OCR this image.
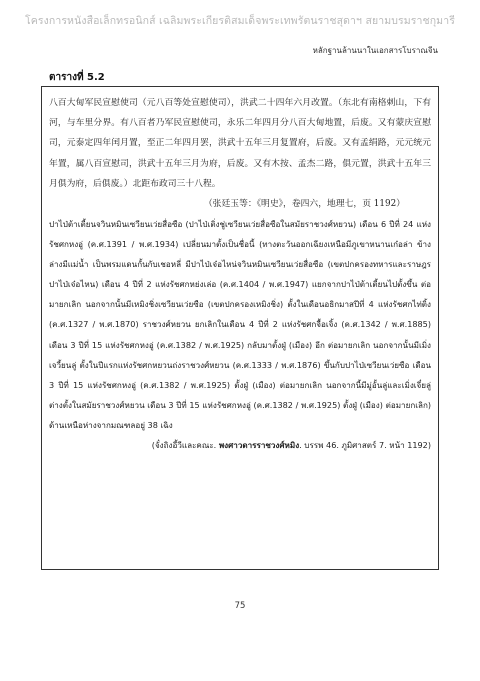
โครงการหนังสือเล็กทรอนิกส์ เฉลิมพระเกียรติสมเด็จพระเทพรัตนราชสุดาฯ สยามบรมราชกุมารี
หลักฐานล้านนาในเอกสารโบราณจีน
ตารางที่ 5.2

八百大甸军民宣慰使司（元八百等处宣慰使司），洪武二十四年六月改置。（东北有南格剌山，下有河，与车里分界。有八百者乃军民宣慰使司，永乐二年四月分八百大甸地置，后废。又有蒙庆宣慰司，元泰定四年闰月置，至正二年四月罢，洪武十五年三月复置府，后废。又有孟绢路，元元统元年置，属八百宣慰司，洪武十五年三月为府，后废。又有木按、孟杰二路，俱元置，洪武十五年三月俱为府，后俱废。）北距布政司三十八程。

（张廷玉等：《明史》，卷四六，地理七，页 1192）

ปาไป่ต้าเตี้ยนจวินหมินเซวียนเว่ยสื่อซือ (ปาไป่เติ่งชู่เซวียนเว่ยสื่อซือในสมัยราชวงศ์หยวน) เดือน 6 ปีที่ 24 แห่งรัชศกหงอู่ (ค.ศ.1391 / พ.ศ.1934) เปลี่ยนมาตั้งเป็นชื่อนี้ (ทางตะวันออกเฉียงเหนือมีภูเขาหนานเก๋อล่า ข้างล่างมีแม่น้ำ เป็นพรมแดนกั้นกับเชอหลี่ มีปาไป่เจ๋อไหน่จวินหมินเซวียนเว่ยสื่อซือ (เขตปกครองทหารและราษฎรปาไป่เจ๋อไหน) เดือน 4 ปีที่ 2 แห่งรัชศกหย่งเล่อ (ค.ศ.1404 / พ.ศ.1947) แยกจากปาไป่ต้าเตี้ยนไปตั้งขึ้น ต่อมายกเลิก นอกจากนั้นมีเหมิงชิ่งเซวียนเว่ยซือ (เขตปกครองเหมิงชิ่ง) ตั้งในเดือนอธิกมาสปีที่ 4 แห่งรัชศกไท่ติ้ง (ค.ศ.1327 / พ.ศ.1870) ราชวงศ์หยวน ยกเลิกในเดือน 4 ปีที่ 2 แห่งรัชศกจื้อเจิ้ง (ค.ศ.1342 / พ.ศ.1885) เดือน 3 ปีที่ 15 แห่งรัชศกหงอู่ (ค.ศ.1382 / พ.ศ.1925) กลับมาตั้งฝู่ (เมือง) อีก ต่อมายกเลิก นอกจากนั้นมีเมิ่งเจวี้ยนลู่ ตั้งในปีแรกแห่งรัชศกหยวนถ่งราชวงศ์หยวน (ค.ศ.1333 / พ.ศ.1876) ขึ้นกับปาไป่เซวียนเว่ยซือ เดือน 3 ปีที่ 15 แห่งรัชศกหงอู่ (ค.ศ.1382 / พ.ศ.1925) ตั้งฝู่ (เมือง) ต่อมายกเลิก นอกจากนี้มีมู่อั้นลู่และเมิ่งเจี๋ยลู่ ต่างตั้งในสมัยราชวงศ์หยวน เดือน 3 ปีที่ 15 แห่งรัชศกหงอู่ (ค.ศ.1382 / พ.ศ.1925) ตั้งฝู่ (เมือง) ต่อมายกเลิก) ด้านเหนือห่างจากมณฑลอยู่ 38 เฉิง

(จั๋งถิงอี้วีและคณะ. พงศาวดารราชวงศ์หมิง. บรรพ 46. ภูมิศาสตร์ 7. หน้า 1192)

75
